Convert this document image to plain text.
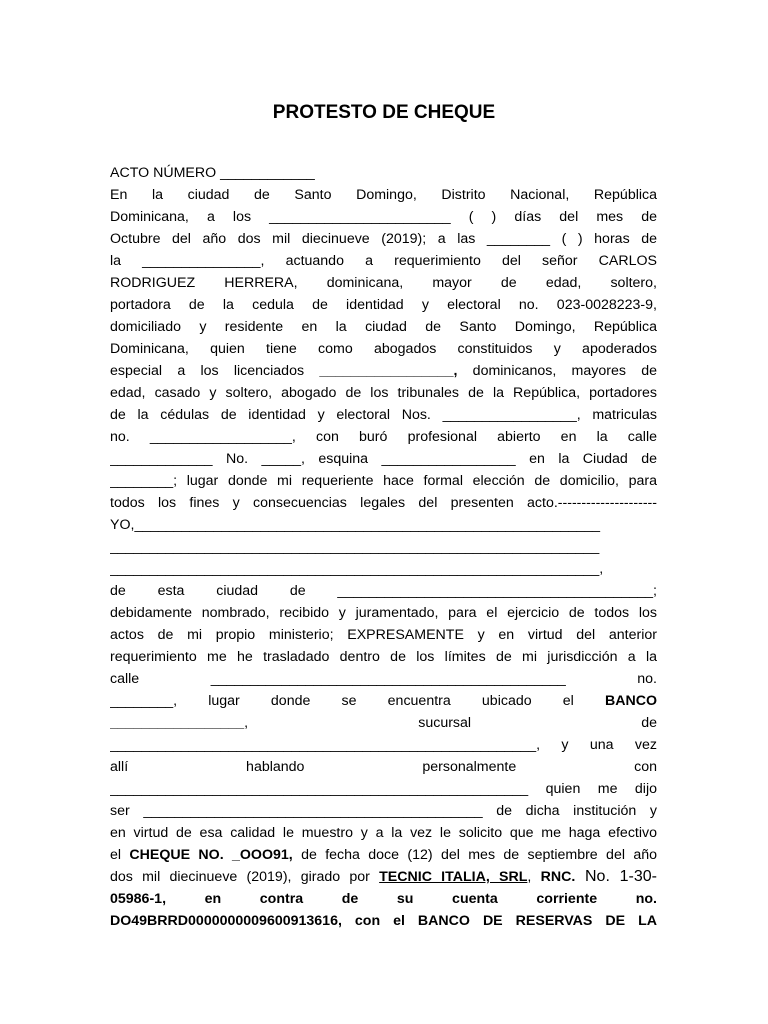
PROTESTO DE CHEQUE
ACTO NÚMERO ____________
En la ciudad de Santo Domingo, Distrito Nacional, República
Dominicana, a los _______________________ ( ) días del mes de
Octubre del año dos mil diecinueve (2019); a las ________ ( ) horas de
la _______________, actuando a requerimiento del señor CARLOS
RODRIGUEZ HERRERA, dominicana, mayor de edad, soltero,
portadora de la cedula de identidad y electoral no. 023-0028223-9,
domiciliado y residente en la ciudad de Santo Domingo, República
Dominicana, quien tiene como abogados constituidos y apoderados
especial a los licenciados _________________, dominicanos, mayores de
edad, casado y soltero, abogado de los tribunales de la República, portadores
de la cédulas de identidad y electoral Nos. _________________, matriculas
no. __________________, con buró profesional abierto en la calle
_____________ No. _____, esquina _________________ en la Ciudad de
________; lugar donde mi requeriente hace formal elección de domicilio, para
todos los fines y consecuencias legales del presenten acto.---------------------
YO,___________________________________________________________
______________________________________________________________
______________________________________________________________,
de esta ciudad de ________________________________________;
debidamente nombrado, recibido y juramentado, para el ejercicio de todos los
actos de mi propio ministerio; EXPRESAMENTE y en virtud del anterior
requerimiento me he trasladado dentro de los límites de mi jurisdicción a la
calle _____________________________________________ no.
________, lugar donde se encuentra ubicado el BANCO
_________________, sucursal de
______________________________________________________, y una vez
allí hablando personalmente con
_____________________________________________________ quien me dijo
ser ___________________________________________ de dicha institución y
en virtud de esa calidad le muestro y a la vez le solicito que me haga efectivo
el CHEQUE NO. _OOO91, de fecha doce (12) del mes de septiembre del año
dos mil diecinueve (2019), girado por TECNIC ITALIA, SRL, RNC. No. 1-30-
05986-1, en contra de su cuenta corriente no.
DO49BRRD0000000009600913616, con el BANCO DE RESERVAS DE LA
